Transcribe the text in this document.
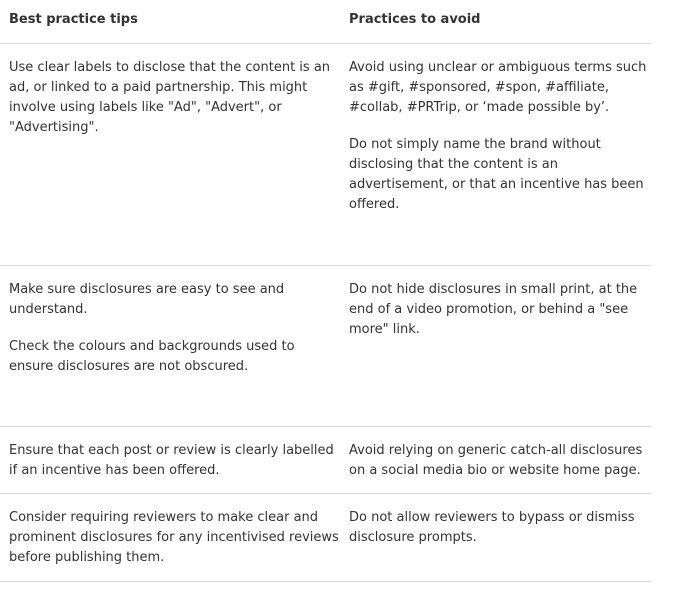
Best practice tips	Practices to avoid

Use clear labels to disclose that the content is an ad, or linked to a paid partnership. This might involve using labels like "Ad", "Advert", or "Advertising".

Avoid using unclear or ambiguous terms such as #gift, #sponsored, #spon, #affiliate, #collab, #PRTrip, or ‘made possible by’.

Do not simply name the brand without disclosing that the content is an advertisement, or that an incentive has been offered.

Make sure disclosures are easy to see and understand.

Check the colours and backgrounds used to ensure disclosures are not obscured.

Do not hide disclosures in small print, at the end of a video promotion, or behind a "see more" link.

Ensure that each post or review is clearly labelled if an incentive has been offered.

Avoid relying on generic catch-all disclosures on a social media bio or website home page.

Consider requiring reviewers to make clear and prominent disclosures for any incentivised reviews before publishing them.

Do not allow reviewers to bypass or dismiss disclosure prompts.
